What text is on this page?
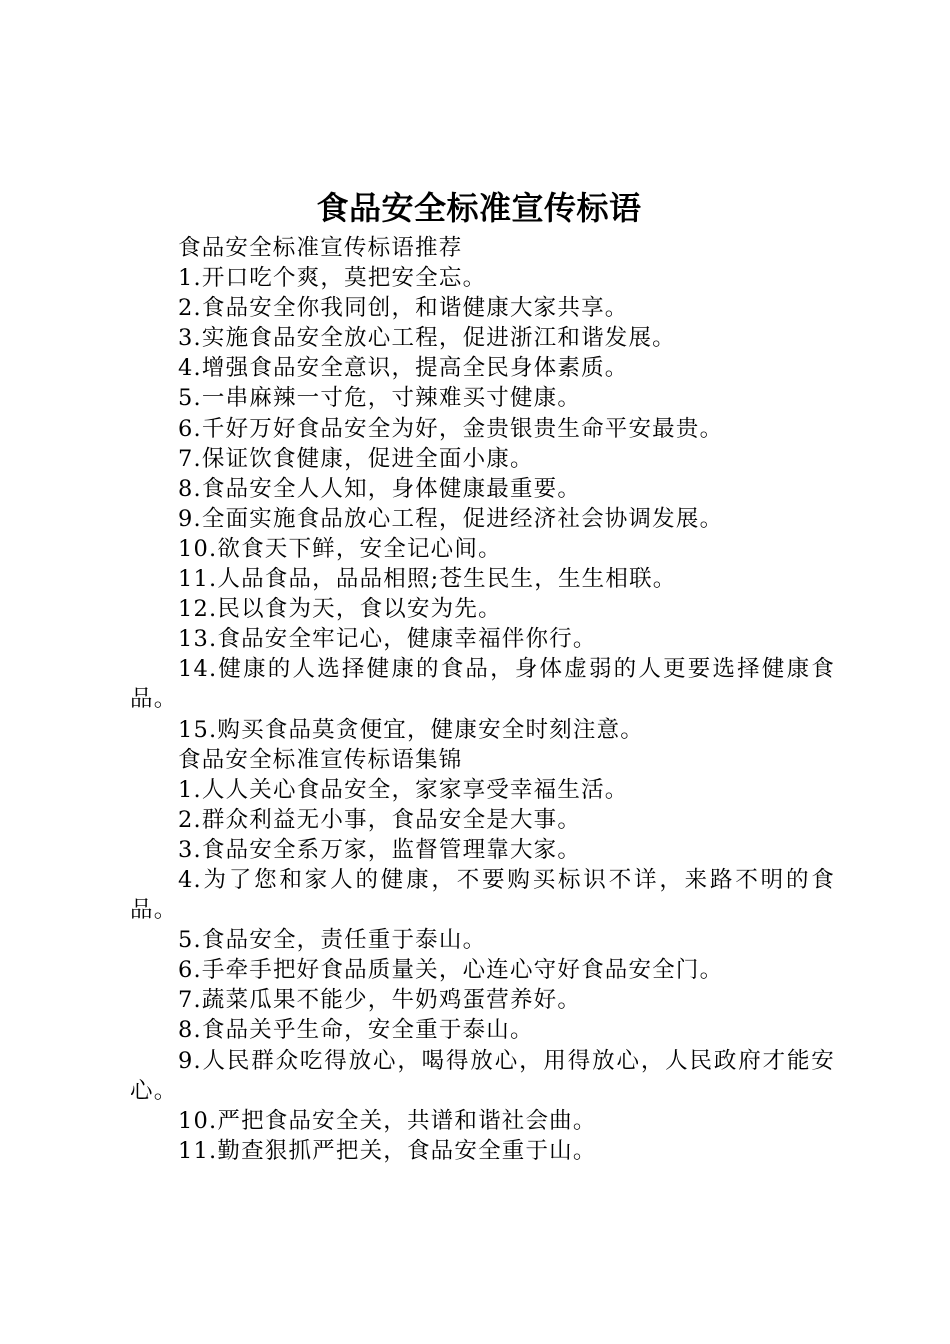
食品安全标准宣传标语

食品安全标准宣传标语推荐

1.开口吃个爽，莫把安全忘。

2.食品安全你我同创，和谐健康大家共享。

3.实施食品安全放心工程，促进浙江和谐发展。

4.增强食品安全意识，提高全民身体素质。

5.一串麻辣一寸危，寸辣难买寸健康。

6.千好万好食品安全为好，金贵银贵生命平安最贵。

7.保证饮食健康，促进全面小康。

8.食品安全人人知，身体健康最重要。

9.全面实施食品放心工程，促进经济社会协调发展。

10.欲食天下鲜，安全记心间。

11.人品食品，品品相照;苍生民生，生生相联。

12.民以食为天，食以安为先。

13.食品安全牢记心，健康幸福伴你行。

14.健康的人选择健康的食品，身体虚弱的人更要选择健康食品。

15.购买食品莫贪便宜，健康安全时刻注意。

食品安全标准宣传标语集锦

1.人人关心食品安全，家家享受幸福生活。

2.群众利益无小事，食品安全是大事。

3.食品安全系万家，监督管理靠大家。

4.为了您和家人的健康，不要购买标识不详，来路不明的食品。

5.食品安全，责任重于泰山。

6.手牵手把好食品质量关，心连心守好食品安全门。

7.蔬菜瓜果不能少，牛奶鸡蛋营养好。

8.食品关乎生命，安全重于泰山。

9.人民群众吃得放心，喝得放心，用得放心，人民政府才能安心。

10.严把食品安全关，共谱和谐社会曲。

11.勤查狠抓严把关，食品安全重于山。
